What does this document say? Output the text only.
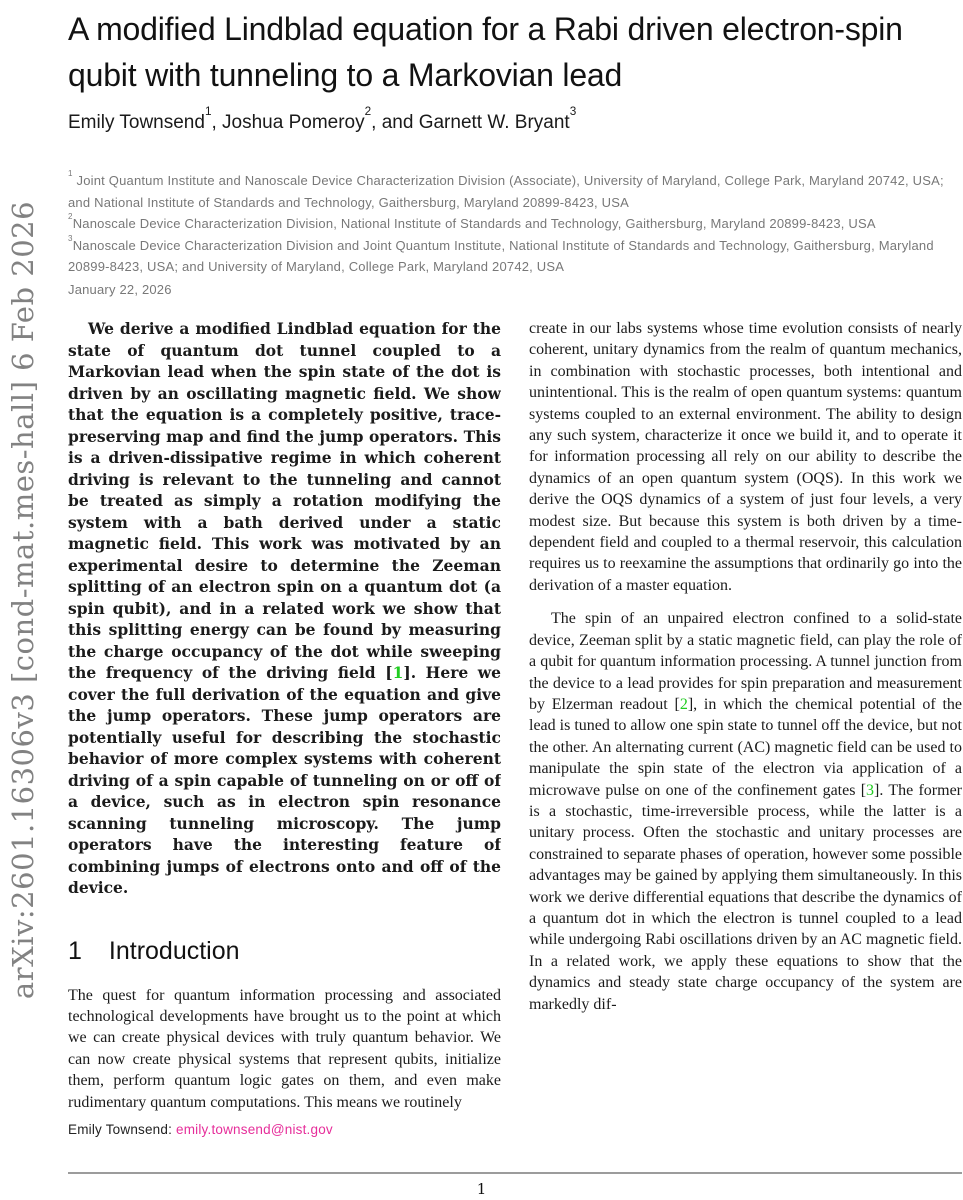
arXiv:2601.16306v3 [cond-mat.mes-hall] 6 Feb 2026
A modified Lindblad equation for a Rabi driven electron-spin
qubit with tunneling to a Markovian lead
Emily Townsend$^1$, Joshua Pomeroy$^2$, and Garnett W. Bryant$^3$

$^1$ Joint Quantum Institute and Nanoscale Device Characterization Division (Associate), University of Maryland, College Park, Maryland 20742, USA; and National Institute of Standards and Technology, Gaithersburg, Maryland 20899-8423, USA

$^2$Nanoscale Device Characterization Division, National Institute of Standards and Technology, Gaithersburg, Maryland 20899-8423, USA

$^3$Nanoscale Device Characterization Division and Joint Quantum Institute, National Institute of Standards and Technology, Gaithersburg, Maryland 20899-8423, USA; and University of Maryland, College Park, Maryland 20742, USA

January 22, 2026

We derive a modified Lindblad equation for the state of quantum dot tunnel coupled to a Markovian lead when the spin state of the dot is driven by an oscillating magnetic field. We show that the equation is a completely positive, trace-preserving map and find the jump operators. This is a driven-dissipative regime in which coherent driving is relevant to the tunneling and cannot be treated as simply a rotation modifying the system with a bath derived under a static magnetic field. This work was motivated by an experimental desire to determine the Zeeman splitting of an electron spin on a quantum dot (a spin qubit), and in a related work we show that this splitting energy can be found by measuring the charge occupancy of the dot while sweeping the frequency of the driving field [1]. Here we cover the full derivation of the equation and give the jump operators. These jump operators are potentially useful for describing the stochastic behavior of more complex systems with coherent driving of a spin capable of tunneling on or off of a device, such as in electron spin resonance scanning tunneling microscopy. The jump operators have the interesting feature of combining jumps of electrons onto and off of the device.

1 Introduction

The quest for quantum information processing and associated technological developments have brought us to the point at which we can create physical devices with truly quantum behavior. We can now create physical systems that represent qubits, initialize them, perform quantum logic gates on them, and even make rudimentary quantum computations. This means we routinely

create in our labs systems whose time evolution consists of nearly coherent, unitary dynamics from the realm of quantum mechanics, in combination with stochastic processes, both intentional and unintentional. This is the realm of open quantum systems: quantum systems coupled to an external environment. The ability to design any such system, characterize it once we build it, and to operate it for information processing all rely on our ability to describe the dynamics of an open quantum system (OQS). In this work we derive the OQS dynamics of a system of just four levels, a very modest size. But because this system is both driven by a time-dependent field and coupled to a thermal reservoir, this calculation requires us to reexamine the assumptions that ordinarily go into the derivation of a master equation.

The spin of an unpaired electron confined to a solid-state device, Zeeman split by a static magnetic field, can play the role of a qubit for quantum information processing. A tunnel junction from the device to a lead provides for spin preparation and measurement by Elzerman readout [2], in which the chemical potential of the lead is tuned to allow one spin state to tunnel off the device, but not the other. An alternating current (AC) magnetic field can be used to manipulate the spin state of the electron via application of a microwave pulse on one of the confinement gates [3]. The former is a stochastic, time-irreversible process, while the latter is a unitary process. Often the stochastic and unitary processes are constrained to separate phases of operation, however some possible advantages may be gained by applying them simultaneously. In this work we derive differential equations that describe the dynamics of a quantum dot in which the electron is tunnel coupled to a lead while undergoing Rabi oscillations driven by an AC magnetic field. In a related work, we apply these equations to show that the dynamics and steady state charge occupancy of the system are markedly dif-

Emily Townsend: emily.townsend@nist.gov
1
